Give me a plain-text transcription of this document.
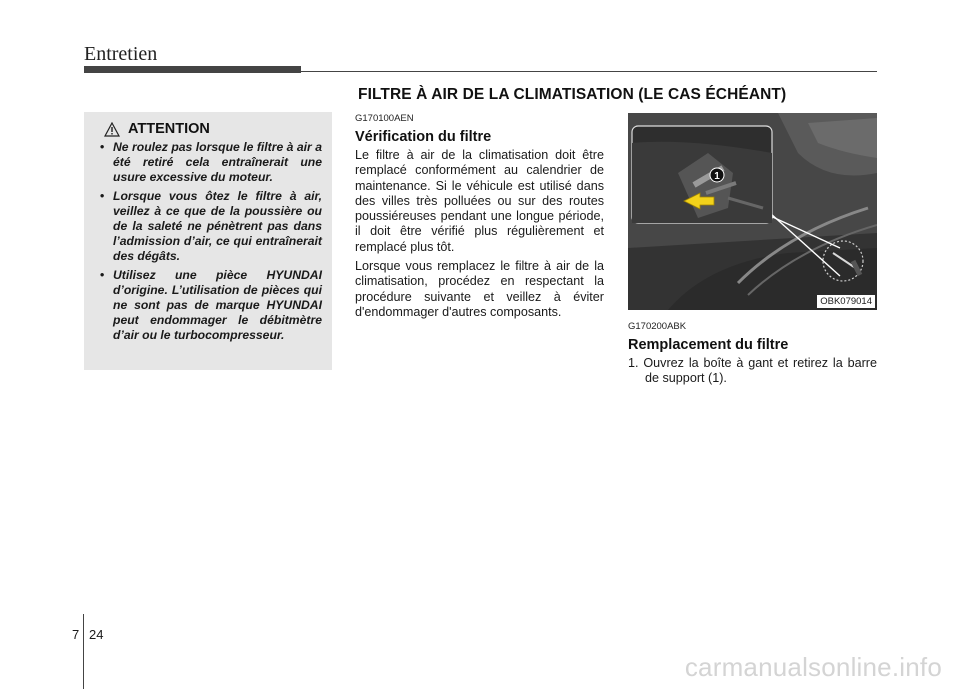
Entretien
FILTRE À AIR DE LA CLIMATISATION (LE CAS ÉCHÉANT)
ATTENTION
• Ne roulez pas lorsque le filtre à air a été retiré cela entraînerait une usure excessive du moteur.
• Lorsque vous ôtez le filtre à air, veillez à ce que de la poussière ou de la saleté ne pénètrent pas dans l’admission d’air, ce qui entraînerait des dégâts.
• Utilisez une pièce HYUNDAI d’origine. L’utilisation de pièces qui ne sont pas de marque HYUNDAI peut endommager le débitmètre d’air ou le turbocompresseur.
G170100AEN
Vérification du filtre

Le filtre à air de la climatisation doit être remplacé conformément au calendrier de maintenance. Si le véhicule est utilisé dans des villes très polluées ou sur des routes poussiéreuses pendant une longue période, il doit être vérifié plus régulièrement et remplacé plus tôt.

Lorsque vous remplacez le filtre à air de la climatisation, procédez en respectant la procédure suivante et veillez à éviter d'endommager d'autres composants.

1
OBK079014
G170200ABK
Remplacement du filtre
1. Ouvrez la boîte à gant et retirez la barre de support (1).
7 24
carmanualsonline.info
